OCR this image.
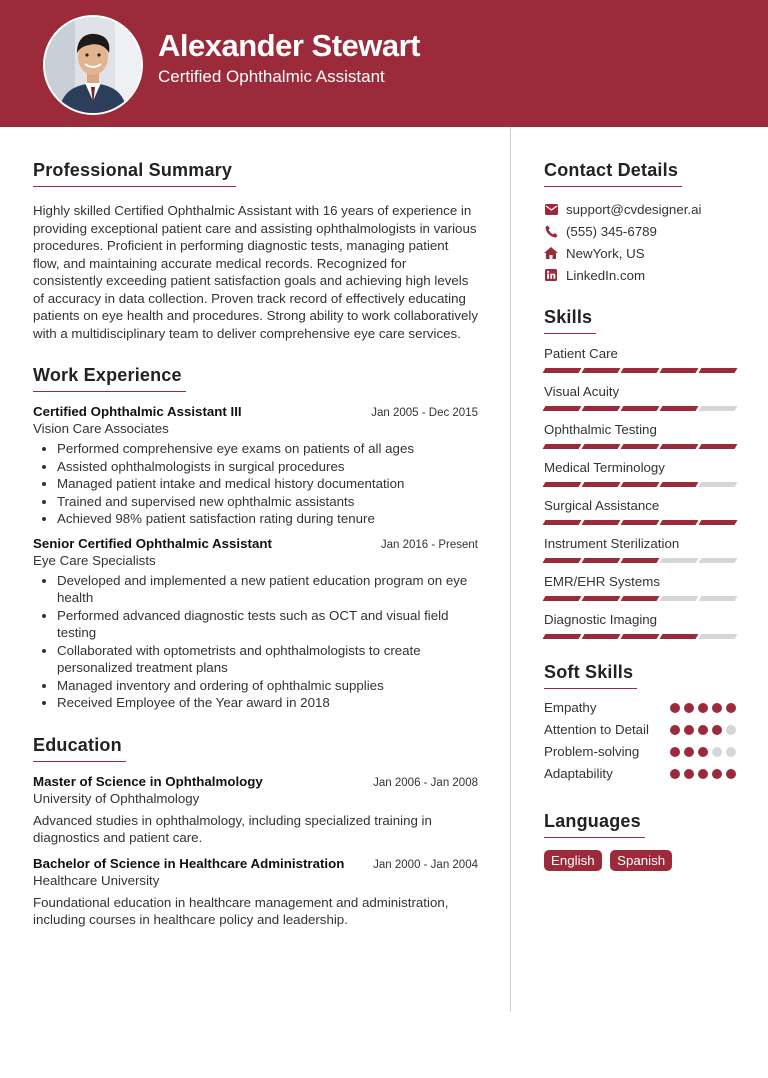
Alexander Stewart
Certified Ophthalmic Assistant
Professional Summary
Highly skilled Certified Ophthalmic Assistant with 16 years of experience in providing exceptional patient care and assisting ophthalmologists in various procedures. Proficient in performing diagnostic tests, managing patient flow, and maintaining accurate medical records. Recognized for consistently exceeding patient satisfaction goals and achieving high levels of accuracy in data collection. Proven track record of effectively educating patients on eye health and procedures. Strong ability to work collaboratively with a multidisciplinary team to deliver comprehensive eye care services.
Work Experience
Certified Ophthalmic Assistant III	Jan 2005 - Dec 2015
Vision Care Associates
• Performed comprehensive eye exams on patients of all ages
• Assisted ophthalmologists in surgical procedures
• Managed patient intake and medical history documentation
• Trained and supervised new ophthalmic assistants
• Achieved 98% patient satisfaction rating during tenure
Senior Certified Ophthalmic Assistant	Jan 2016 - Present
Eye Care Specialists
• Developed and implemented a new patient education program on eye health
• Performed advanced diagnostic tests such as OCT and visual field testing
• Collaborated with optometrists and ophthalmologists to create personalized treatment plans
• Managed inventory and ordering of ophthalmic supplies
• Received Employee of the Year award in 2018
Education
Master of Science in Ophthalmology	Jan 2006 - Jan 2008
University of Ophthalmology
Advanced studies in ophthalmology, including specialized training in diagnostics and patient care.
Bachelor of Science in Healthcare Administration	Jan 2000 - Jan 2004
Healthcare University
Foundational education in healthcare management and administration, including courses in healthcare policy and leadership.
Contact Details
support@cvdesigner.ai
(555) 345-6789
NewYork, US
LinkedIn.com
Skills
Patient Care
Visual Acuity
Ophthalmic Testing
Medical Terminology
Surgical Assistance
Instrument Sterilization
EMR/EHR Systems
Diagnostic Imaging
Soft Skills
Empathy
Attention to Detail
Problem-solving
Adaptability
Languages
English Spanish
